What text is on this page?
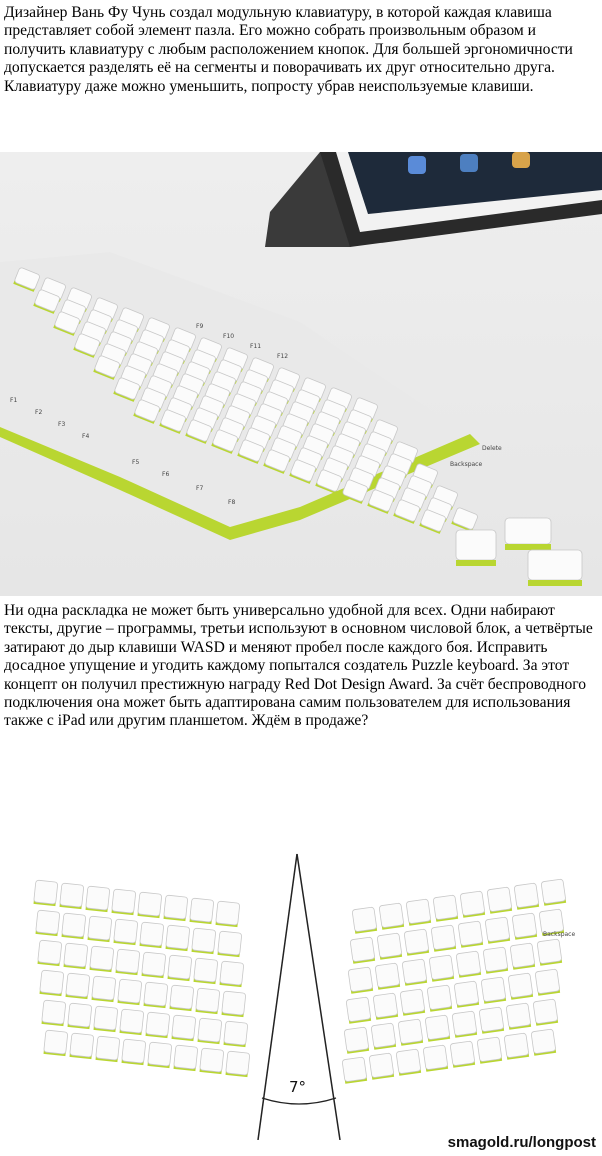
Дизайнер Вань Фу Чунь создал модульную клавиатуру, в которой каждая клавиша представляет собой элемент пазла. Его можно собрать произвольным образом и получить клавиатуру с любым расположением кнопок. Для большей эргономичности допускается разделять её на сегменты и поворачивать их друг относительно друга. Клавиатуру даже можно уменьшить, попросту убрав неиспользуемые клавиши.

F9
F10
F11
F12
F1
F2
F3
F4
F5
F6
F7
F8
Delete
Backspace

Ни одна раскладка не может быть универсально удобной для всех. Одни набирают тексты, другие – программы, третьи используют в основном числовой блок, а четвёртые затирают до дыр клавиши WASD и меняют пробел после каждого боя. Исправить досадное упущение и угодить каждому попытался создатель Puzzle keyboard. За этот концепт он получил престижную награду Red Dot Design Award. За счёт беспроводного подключения она может быть адаптирована самим пользователем для использования также с iPad или другим планшетом. Ждём в продаже?

7°
Backspace
smagold.ru/longpost
